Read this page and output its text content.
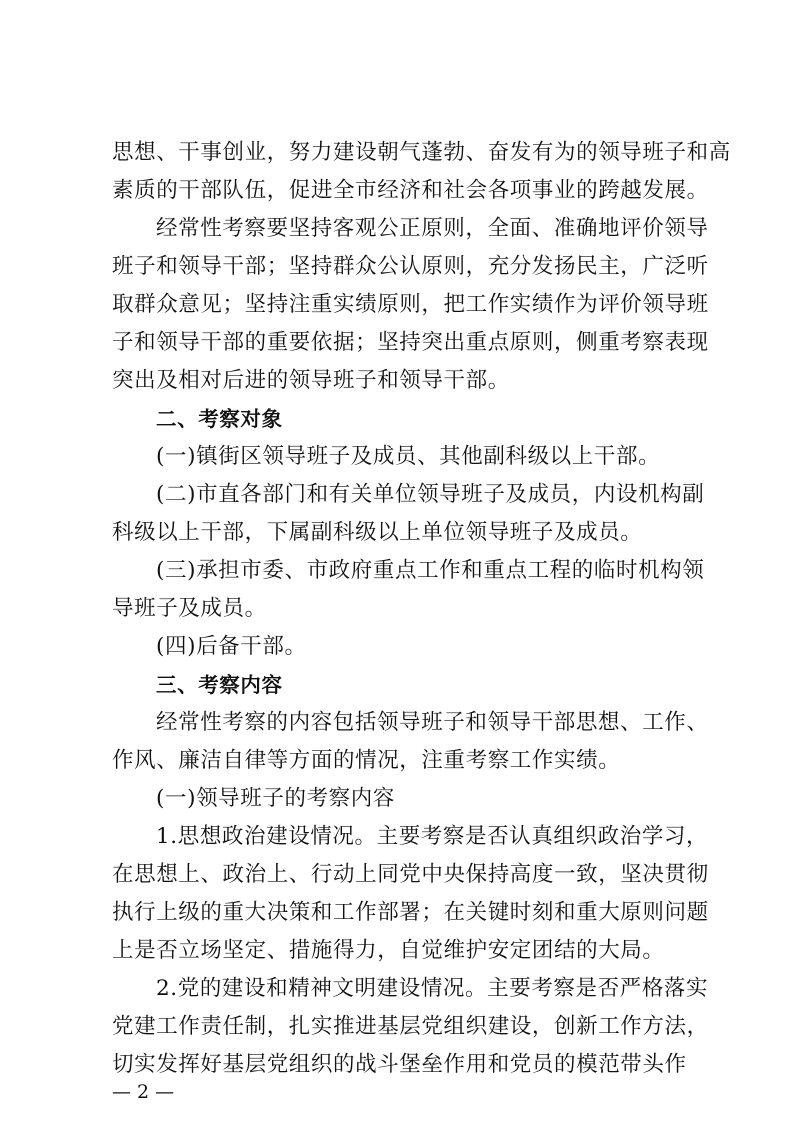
思想、干事创业，努力建设朝气蓬勃、奋发有为的领导班子和高
素质的干部队伍，促进全市经济和社会各项事业的跨越发展。
经常性考察要坚持客观公正原则，全面、准确地评价领导
班子和领导干部；坚持群众公认原则，充分发扬民主，广泛听
取群众意见；坚持注重实绩原则，把工作实绩作为评价领导班
子和领导干部的重要依据；坚持突出重点原则，侧重考察表现
突出及相对后进的领导班子和领导干部。
二、考察对象
(一)镇街区领导班子及成员、其他副科级以上干部。
(二)市直各部门和有关单位领导班子及成员，内设机构副
科级以上干部，下属副科级以上单位领导班子及成员。
(三)承担市委、市政府重点工作和重点工程的临时机构领
导班子及成员。
(四)后备干部。
三、考察内容
经常性考察的内容包括领导班子和领导干部思想、工作、
作风、廉洁自律等方面的情况，注重考察工作实绩。
(一)领导班子的考察内容
1.思想政治建设情况。主要考察是否认真组织政治学习，
在思想上、政治上、行动上同党中央保持高度一致，坚决贯彻
执行上级的重大决策和工作部署；在关键时刻和重大原则问题
上是否立场坚定、措施得力，自觉维护安定团结的大局。
2.党的建设和精神文明建设情况。主要考察是否严格落实
党建工作责任制，扎实推进基层党组织建设，创新工作方法，
切实发挥好基层党组织的战斗堡垒作用和党员的模范带头作
— 2 —
